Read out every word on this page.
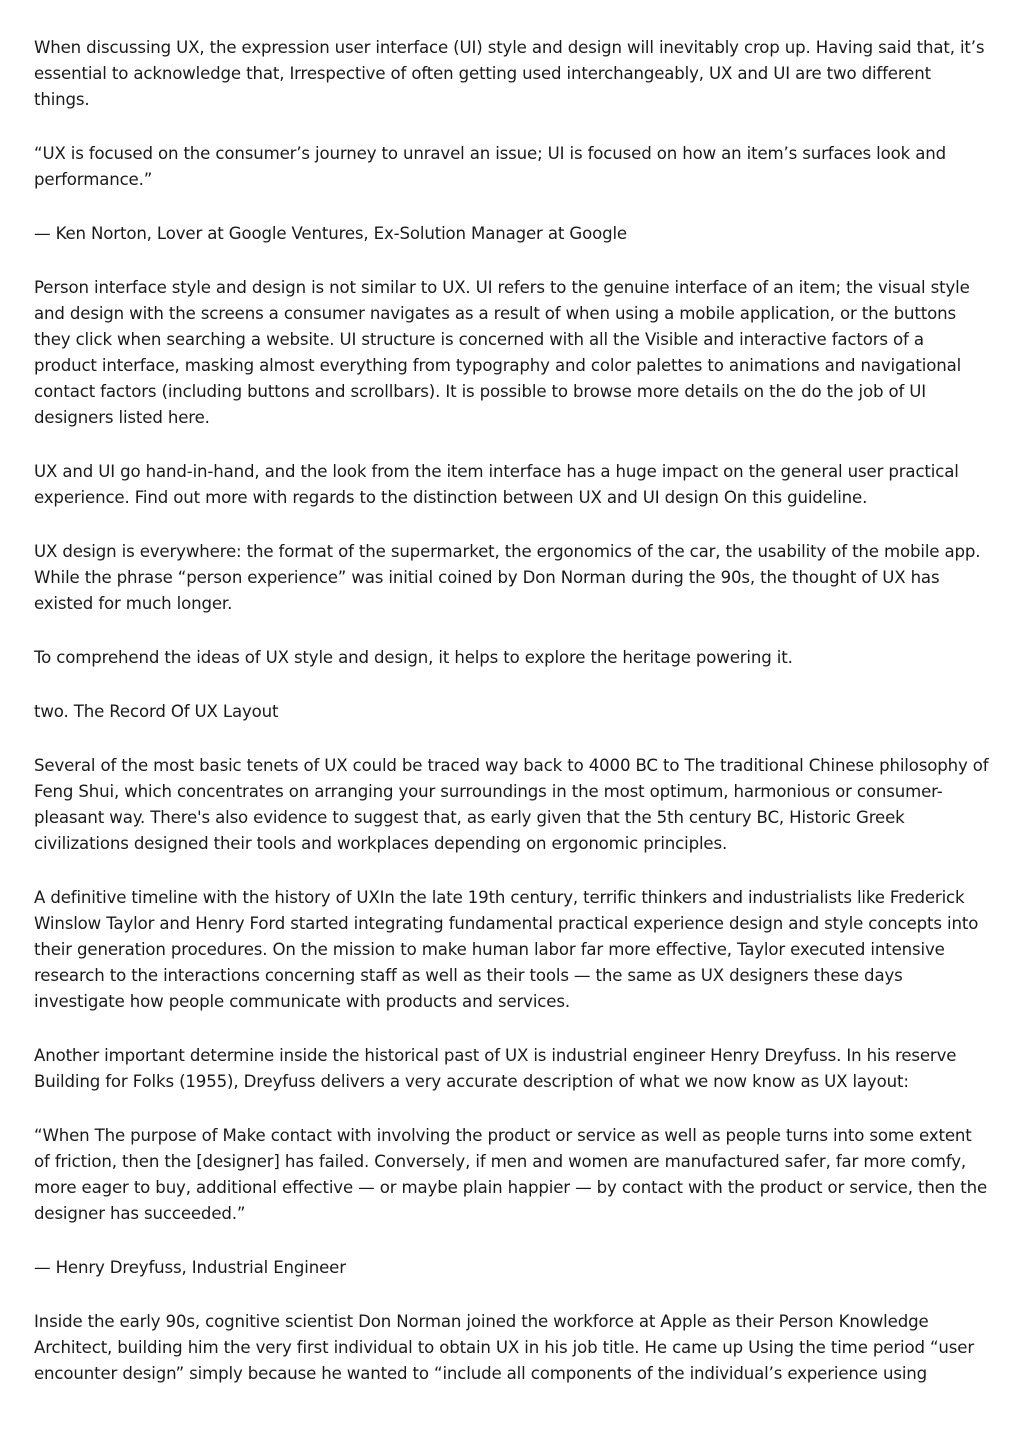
When discussing UX, the expression user interface (UI) style and design will inevitably crop up. Having said that, it’s essential to acknowledge that, Irrespective of often getting used interchangeably, UX and UI are two different things.

“UX is focused on the consumer’s journey to unravel an issue; UI is focused on how an item’s surfaces look and performance.”

— Ken Norton, Lover at Google Ventures, Ex-Solution Manager at Google

Person interface style and design is not similar to UX. UI refers to the genuine interface of an item; the visual style and design with the screens a consumer navigates as a result of when using a mobile application, or the buttons they click when searching a website. UI structure is concerned with all the Visible and interactive factors of a product interface, masking almost everything from typography and color palettes to animations and navigational contact factors (including buttons and scrollbars). It is possible to browse more details on the do the job of UI designers listed here.

UX and UI go hand-in-hand, and the look from the item interface has a huge impact on the general user practical experience. Find out more with regards to the distinction between UX and UI design On this guideline.

UX design is everywhere: the format of the supermarket, the ergonomics of the car, the usability of the mobile app. While the phrase “person experience” was initial coined by Don Norman during the 90s, the thought of UX has existed for much longer.

To comprehend the ideas of UX style and design, it helps to explore the heritage powering it.

two. The Record Of UX Layout

Several of the most basic tenets of UX could be traced way back to 4000 BC to The traditional Chinese philosophy of Feng Shui, which concentrates on arranging your surroundings in the most optimum, harmonious or consumer-pleasant way. There's also evidence to suggest that, as early given that the 5th century BC, Historic Greek civilizations designed their tools and workplaces depending on ergonomic principles.

A definitive timeline with the history of UXIn the late 19th century, terrific thinkers and industrialists like Frederick Winslow Taylor and Henry Ford started integrating fundamental practical experience design and style concepts into their generation procedures. On the mission to make human labor far more effective, Taylor executed intensive research to the interactions concerning staff as well as their tools — the same as UX designers these days investigate how people communicate with products and services.

Another important determine inside the historical past of UX is industrial engineer Henry Dreyfuss. In his reserve Building for Folks (1955), Dreyfuss delivers a very accurate description of what we now know as UX layout:

“When The purpose of Make contact with involving the product or service as well as people turns into some extent of friction, then the [designer] has failed. Conversely, if men and women are manufactured safer, far more comfy, more eager to buy, additional effective — or maybe plain happier — by contact with the product or service, then the designer has succeeded.”

— Henry Dreyfuss, Industrial Engineer

Inside the early 90s, cognitive scientist Don Norman joined the workforce at Apple as their Person Knowledge Architect, building him the very first individual to obtain UX in his job title. He came up Using the time period “user encounter design” simply because he wanted to “include all components of the individual’s experience using
